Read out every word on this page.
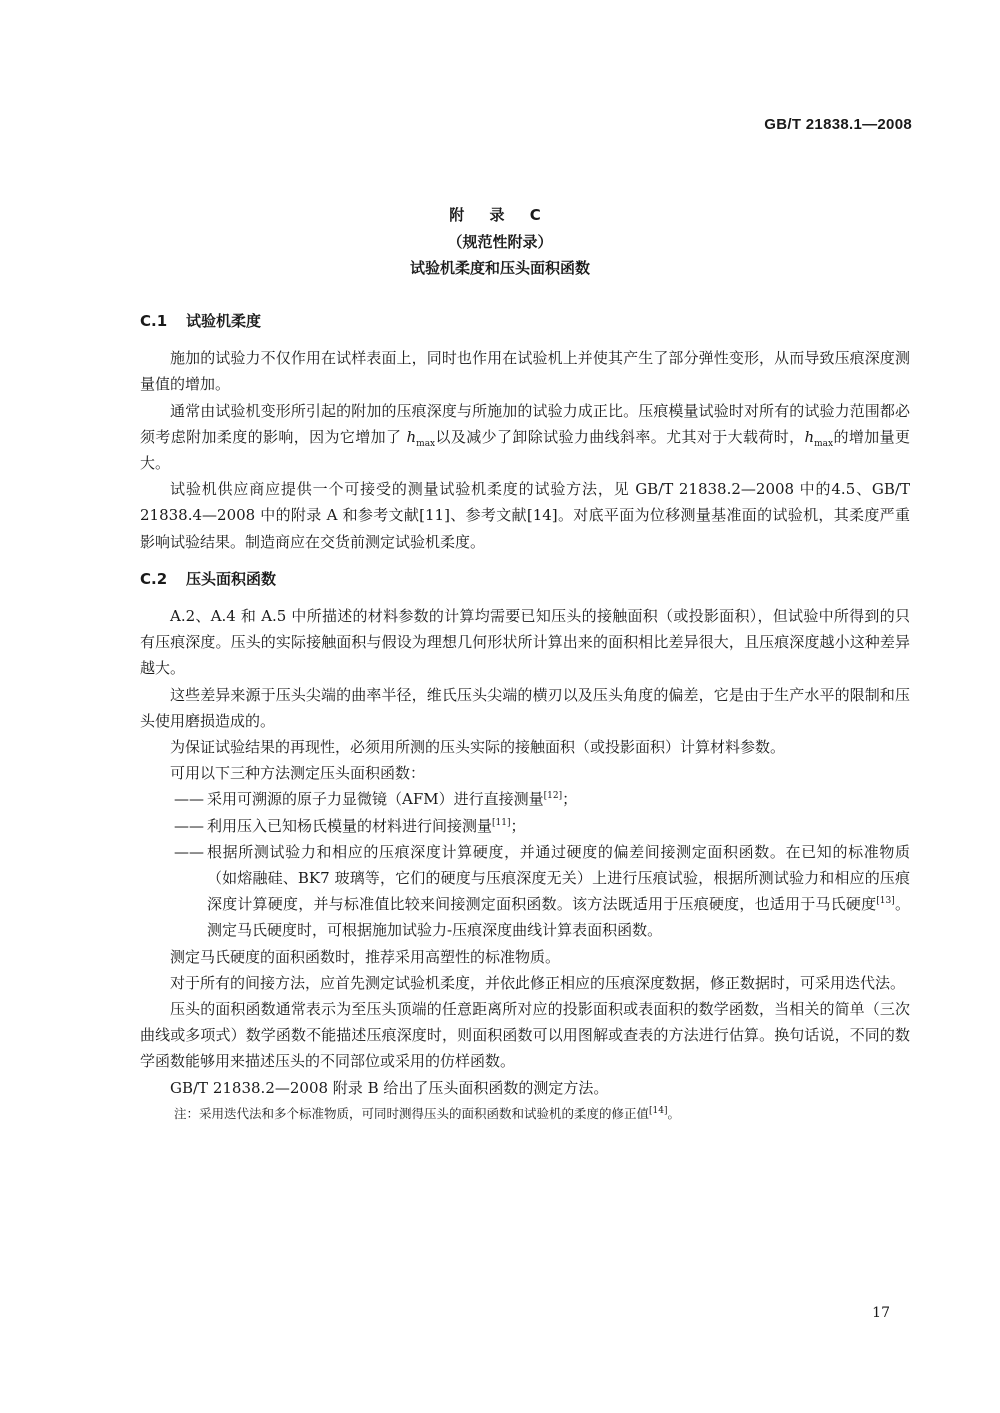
GB/T 21838.1—2008
附 录 C
（规范性附录）
试验机柔度和压头面积函数
C.1 试验机柔度

施加的试验力不仅作用在试样表面上，同时也作用在试验机上并使其产生了部分弹性变形，从而导致压痕深度测量值的增加。

通常由试验机变形所引起的附加的压痕深度与所施加的试验力成正比。压痕模量试验时对所有的试验力范围都必须考虑附加柔度的影响，因为它增加了 $h_{max}$以及减少了卸除试验力曲线斜率。尤其对于大载荷时，$h_{max}$的增加量更大。

试验机供应商应提供一个可接受的测量试验机柔度的试验方法，见 GB/T 21838.2—2008 中的4.5、GB/T 21838.4—2008 中的附录 A 和参考文献[11]、参考文献[14]。对底平面为位移测量基准面的试验机，其柔度严重影响试验结果。制造商应在交货前测定试验机柔度。

C.2 压头面积函数

A.2、A.4 和 A.5 中所描述的材料参数的计算均需要已知压头的接触面积（或投影面积），但试验中所得到的只有压痕深度。压头的实际接触面积与假设为理想几何形状所计算出来的面积相比差异很大，且压痕深度越小这种差异越大。

这些差异来源于压头尖端的曲率半径，维氏压头尖端的横刃以及压头角度的偏差，它是由于生产水平的限制和压头使用磨损造成的。

为保证试验结果的再现性，必须用所测的压头实际的接触面积（或投影面积）计算材料参数。

可用以下三种方法测定压头面积函数：

—— 采用可溯源的原子力显微镜（AFM）进行直接测量[12]；

—— 利用压入已知杨氏模量的材料进行间接测量[11]；

—— 根据所测试验力和相应的压痕深度计算硬度，并通过硬度的偏差间接测定面积函数。在已知的标准物质（如熔融硅、BK7 玻璃等，它们的硬度与压痕深度无关）上进行压痕试验，根据所测试验力和相应的压痕深度计算硬度，并与标准值比较来间接测定面积函数。该方法既适用于压痕硬度，也适用于马氏硬度[13]。测定马氏硬度时，可根据施加试验力-压痕深度曲线计算表面积函数。

测定马氏硬度的面积函数时，推荐采用高塑性的标准物质。

对于所有的间接方法，应首先测定试验机柔度，并依此修正相应的压痕深度数据，修正数据时，可采用迭代法。

压头的面积函数通常表示为至压头顶端的任意距离所对应的投影面积或表面积的数学函数，当相关的简单（三次曲线或多项式）数学函数不能描述压痕深度时，则面积函数可以用图解或查表的方法进行估算。换句话说，不同的数学函数能够用来描述压头的不同部位或采用的仿样函数。

GB/T 21838.2—2008 附录 B 给出了压头面积函数的测定方法。

注：采用迭代法和多个标准物质，可同时测得压头的面积函数和试验机的柔度的修正值[14]。

17
